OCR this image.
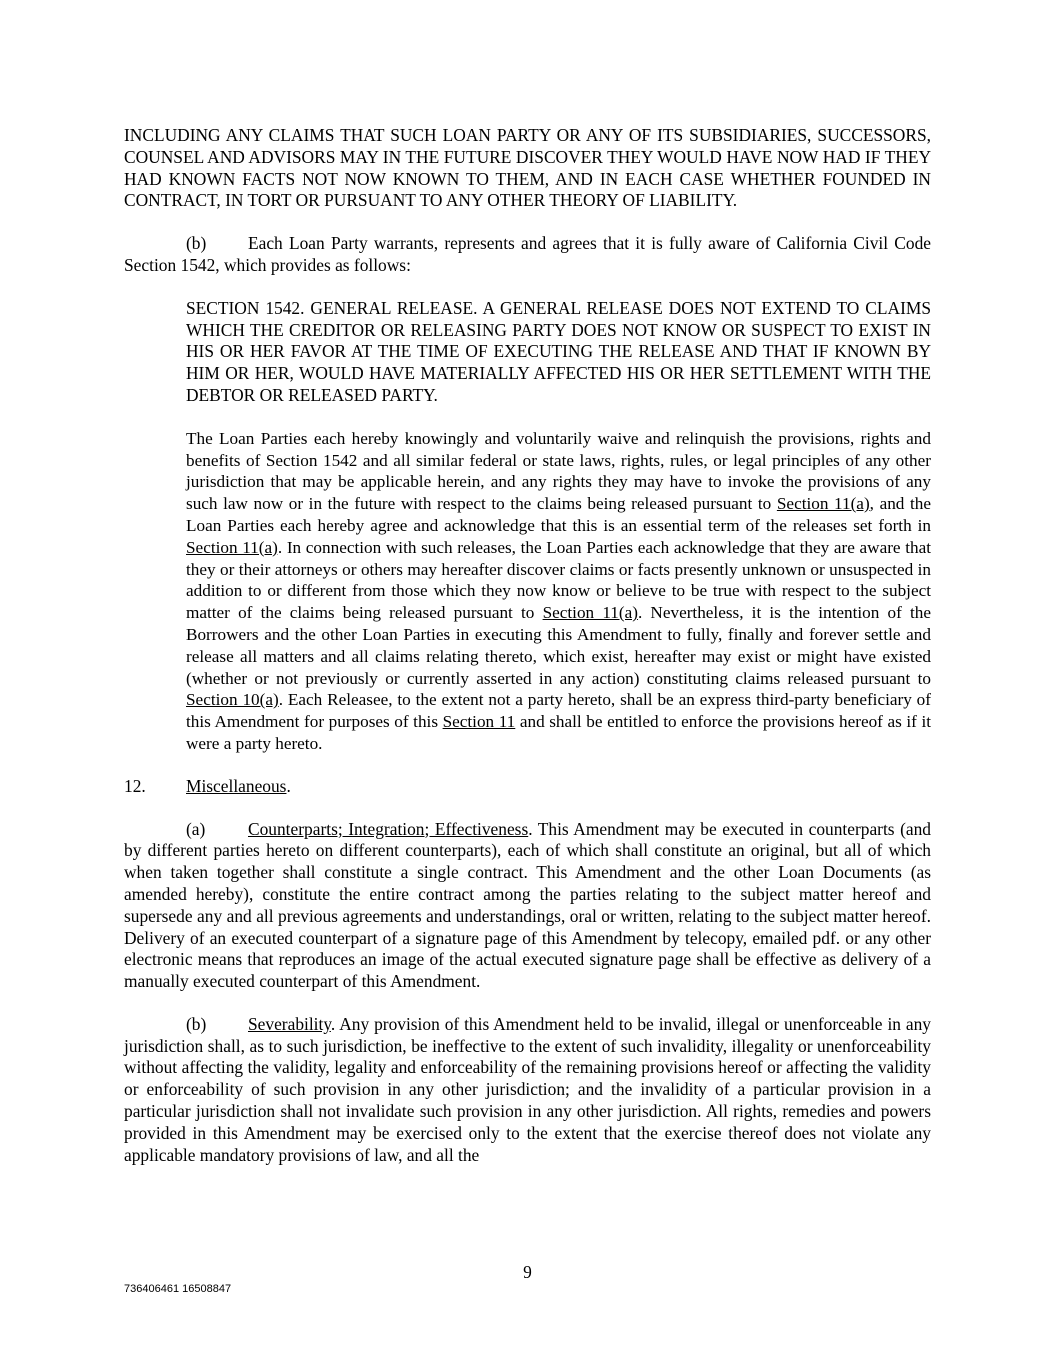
INCLUDING ANY CLAIMS THAT SUCH LOAN PARTY OR ANY OF ITS SUBSIDIARIES, SUCCESSORS, COUNSEL AND ADVISORS MAY IN THE FUTURE DISCOVER THEY WOULD HAVE NOW HAD IF THEY HAD KNOWN FACTS NOT NOW KNOWN TO THEM, AND IN EACH CASE WHETHER FOUNDED IN CONTRACT, IN TORT OR PURSUANT TO ANY OTHER THEORY OF LIABILITY.

(b) Each Loan Party warrants, represents and agrees that it is fully aware of California Civil Code Section 1542, which provides as follows:

SECTION 1542. GENERAL RELEASE. A GENERAL RELEASE DOES NOT EXTEND TO CLAIMS WHICH THE CREDITOR OR RELEASING PARTY DOES NOT KNOW OR SUSPECT TO EXIST IN HIS OR HER FAVOR AT THE TIME OF EXECUTING THE RELEASE AND THAT IF KNOWN BY HIM OR HER, WOULD HAVE MATERIALLY AFFECTED HIS OR HER SETTLEMENT WITH THE DEBTOR OR RELEASED PARTY.

The Loan Parties each hereby knowingly and voluntarily waive and relinquish the provisions, rights and benefits of Section 1542 and all similar federal or state laws, rights, rules, or legal principles of any other jurisdiction that may be applicable herein, and any rights they may have to invoke the provisions of any such law now or in the future with respect to the claims being released pursuant to Section 11(a), and the Loan Parties each hereby agree and acknowledge that this is an essential term of the releases set forth in Section 11(a). In connection with such releases, the Loan Parties each acknowledge that they are aware that they or their attorneys or others may hereafter discover claims or facts presently unknown or unsuspected in addition to or different from those which they now know or believe to be true with respect to the subject matter of the claims being released pursuant to Section 11(a). Nevertheless, it is the intention of the Borrowers and the other Loan Parties in executing this Amendment to fully, finally and forever settle and release all matters and all claims relating thereto, which exist, hereafter may exist or might have existed (whether or not previously or currently asserted in any action) constituting claims released pursuant to Section 10(a). Each Releasee, to the extent not a party hereto, shall be an express third-party beneficiary of this Amendment for purposes of this Section 11 and shall be entitled to enforce the provisions hereof as if it were a party hereto.

12. Miscellaneous.

(a) Counterparts; Integration; Effectiveness. This Amendment may be executed in counterparts (and by different parties hereto on different counterparts), each of which shall constitute an original, but all of which when taken together shall constitute a single contract. This Amendment and the other Loan Documents (as amended hereby), constitute the entire contract among the parties relating to the subject matter hereof and supersede any and all previous agreements and understandings, oral or written, relating to the subject matter hereof. Delivery of an executed counterpart of a signature page of this Amendment by telecopy, emailed pdf. or any other electronic means that reproduces an image of the actual executed signature page shall be effective as delivery of a manually executed counterpart of this Amendment.

(b) Severability. Any provision of this Amendment held to be invalid, illegal or unenforceable in any jurisdiction shall, as to such jurisdiction, be ineffective to the extent of such invalidity, illegality or unenforceability without affecting the validity, legality and enforceability of the remaining provisions hereof or affecting the validity or enforceability of such provision in any other jurisdiction; and the invalidity of a particular provision in a particular jurisdiction shall not invalidate such provision in any other jurisdiction. All rights, remedies and powers provided in this Amendment may be exercised only to the extent that the exercise thereof does not violate any applicable mandatory provisions of law, and all the

9
736406461 16508847
